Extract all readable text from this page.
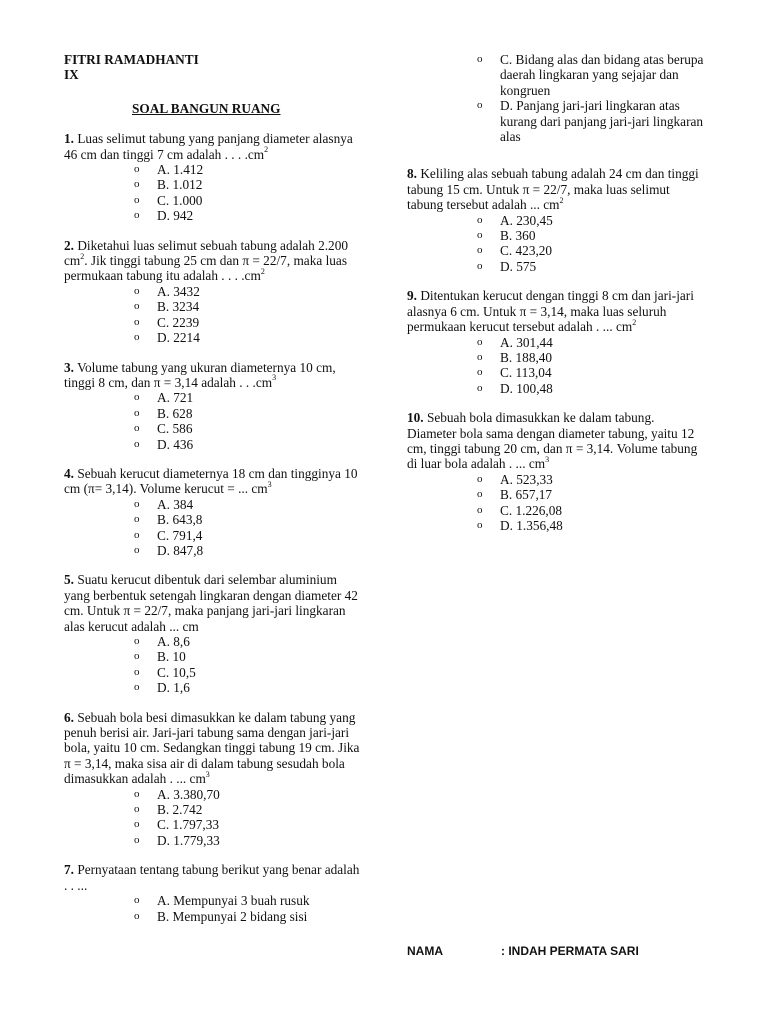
FITRI RAMADHANTI

IX

SOAL BANGUN RUANG

1. Luas selimut tabung yang panjang diameter alasnya 46 cm dan tinggi 7 cm adalah . . . $.cm^2$
o A. 1.412
o B. 1.012
o C. 1.000
o D. 942
2. Diketahui luas selimut sebuah tabung adalah 2.200 $cm^2$. Jik tinggi tabung 25 cm dan π = 22/7, maka luas permukaan tabung itu adalah . . . $.cm^2$
o A. 3432
o B. 3234
o C. 2239
o D. 2214
3. Volume tabung yang ukuran diameternya 10 cm, tinggi 8 cm, dan π = 3,14 adalah . . $.cm^3$
o A. 721
o B. 628
o C. 586
o D. 436
4. Sebuah kerucut diameternya 18 cm dan tingginya 10 cm (π= 3,14). Volume kerucut = ... $cm^3$
o A. 384
o B. 643,8
o C. 791,4
o D. 847,8
5. Suatu kerucut dibentuk dari selembar aluminium yang berbentuk setengah lingkaran dengan diameter 42 cm. Untuk π = 22/7, maka panjang jari-jari lingkaran alas kerucut adalah ... cm
o A. 8,6
o B. 10
o C. 10,5
o D. 1,6
6. Sebuah bola besi dimasukkan ke dalam tabung yang penuh berisi air. Jari-jari tabung sama dengan jari-jari bola, yaitu 10 cm. Sedangkan tinggi tabung 19 cm. Jika π = 3,14, maka sisa air di dalam tabung sesudah bola dimasukkan adalah . ... $cm^3$
o A. 3.380,70
o B. 2.742
o C. 1.797,33
o D. 1.779,33
7. Pernyataan tentang tabung berikut yang benar adalah . . ...
o A. Mempunyai 3 buah rusuk
o B. Mempunyai 2 bidang sisi
o C. Bidang alas dan bidang atas berupa daerah lingkaran yang sejajar dan kongruen
o D. Panjang jari-jari lingkaran atas kurang dari panjang jari-jari lingkaran alas
8. Keliling alas sebuah tabung adalah 24 cm dan tinggi tabung 15 cm. Untuk π = 22/7, maka luas selimut tabung tersebut adalah ... $cm^2$
o A. 230,45
o B. 360
o C. 423,20
o D. 575
9. Ditentukan kerucut dengan tinggi 8 cm dan jari-jari alasnya 6 cm. Untuk π = 3,14, maka luas seluruh permukaan kerucut tersebut adalah . ... $cm^2$
o A. 301,44
o B. 188,40
o C. 113,04
o D. 100,48
10. Sebuah bola dimasukkan ke dalam tabung. Diameter bola sama dengan diameter tabung, yaitu 12 cm, tinggi tabung 20 cm, dan π = 3,14. Volume tabung di luar bola adalah . ... $cm^3$
o A. 523,33
o B. 657,17
o C. 1.226,08
o D. 1.356,48
NAMA	: INDAH PERMATA SARI
